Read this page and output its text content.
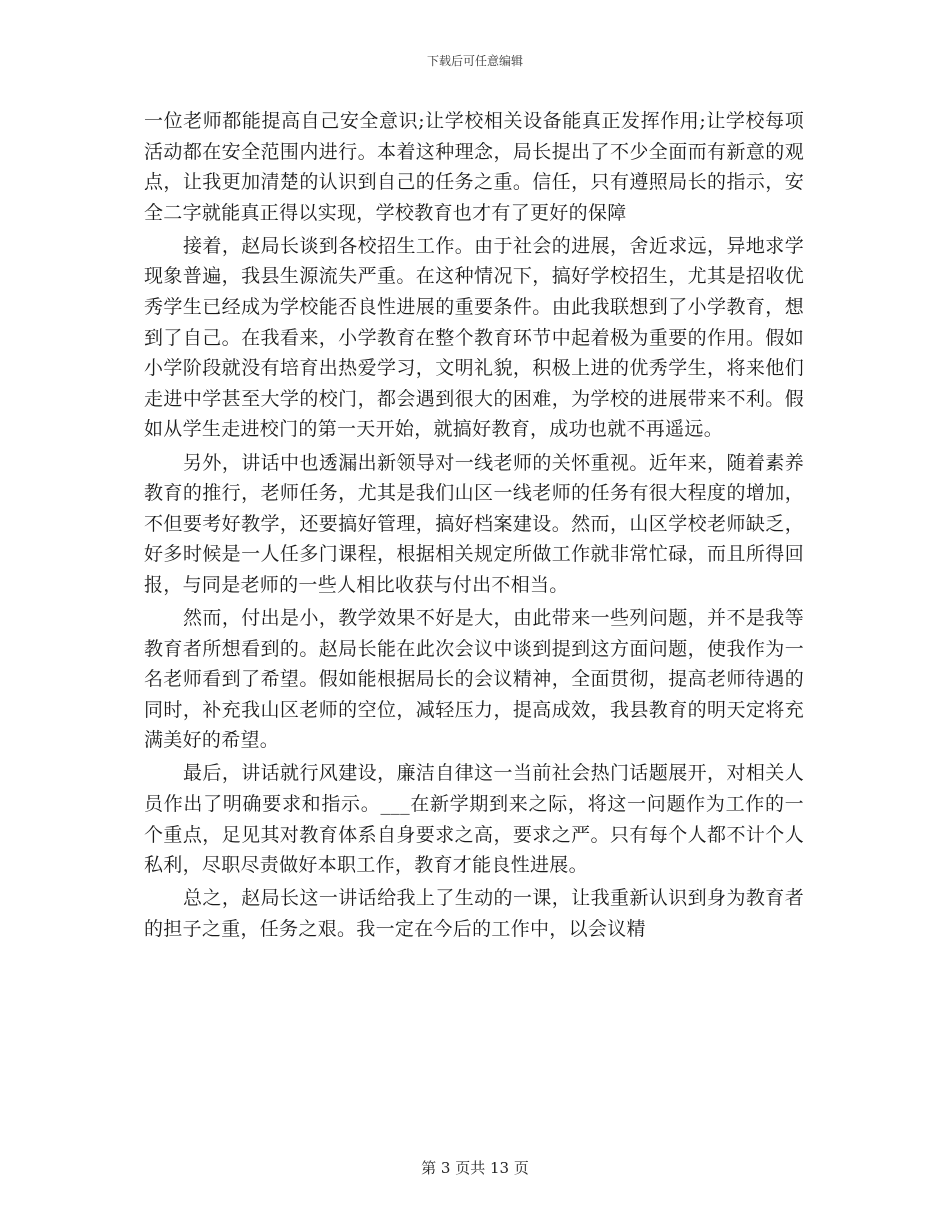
下载后可任意编辑

一位老师都能提高自己安全意识;让学校相关设备能真正发挥作用;让学校每项活动都在安全范围内进行。本着这种理念，局长提出了不少全面而有新意的观点，让我更加清楚的认识到自己的任务之重。信任，只有遵照局长的指示，安全二字就能真正得以实现，学校教育也才有了更好的保障

接着，赵局长谈到各校招生工作。由于社会的进展，舍近求远，异地求学现象普遍，我县生源流失严重。在这种情况下，搞好学校招生，尤其是招收优秀学生已经成为学校能否良性进展的重要条件。由此我联想到了小学教育，想到了自己。在我看来，小学教育在整个教育环节中起着极为重要的作用。假如小学阶段就没有培育出热爱学习，文明礼貌，积极上进的优秀学生，将来他们走进中学甚至大学的校门，都会遇到很大的困难，为学校的进展带来不利。假如从学生走进校门的第一天开始，就搞好教育，成功也就不再遥远。

另外，讲话中也透漏出新领导对一线老师的关怀重视。近年来，随着素养教育的推行，老师任务，尤其是我们山区一线老师的任务有很大程度的增加，不但要考好教学，还要搞好管理，搞好档案建设。然而，山区学校老师缺乏，好多时候是一人任多门课程，根据相关规定所做工作就非常忙碌，而且所得回报，与同是老师的一些人相比收获与付出不相当。

然而，付出是小，教学效果不好是大，由此带来一些列问题，并不是我等教育者所想看到的。赵局长能在此次会议中谈到提到这方面问题，使我作为一名老师看到了希望。假如能根据局长的会议精神，全面贯彻，提高老师待遇的同时，补充我山区老师的空位，减轻压力，提高成效，我县教育的明天定将充满美好的希望。

最后，讲话就行风建设，廉洁自律这一当前社会热门话题展开，对相关人员作出了明确要求和指示。___在新学期到来之际，将这一问题作为工作的一个重点，足见其对教育体系自身要求之高，要求之严。只有每个人都不计个人私利，尽职尽责做好本职工作，教育才能良性进展。

总之，赵局长这一讲话给我上了生动的一课，让我重新认识到身为教育者的担子之重，任务之艰。我一定在今后的工作中，以会议精

第 3 页共 13 页
